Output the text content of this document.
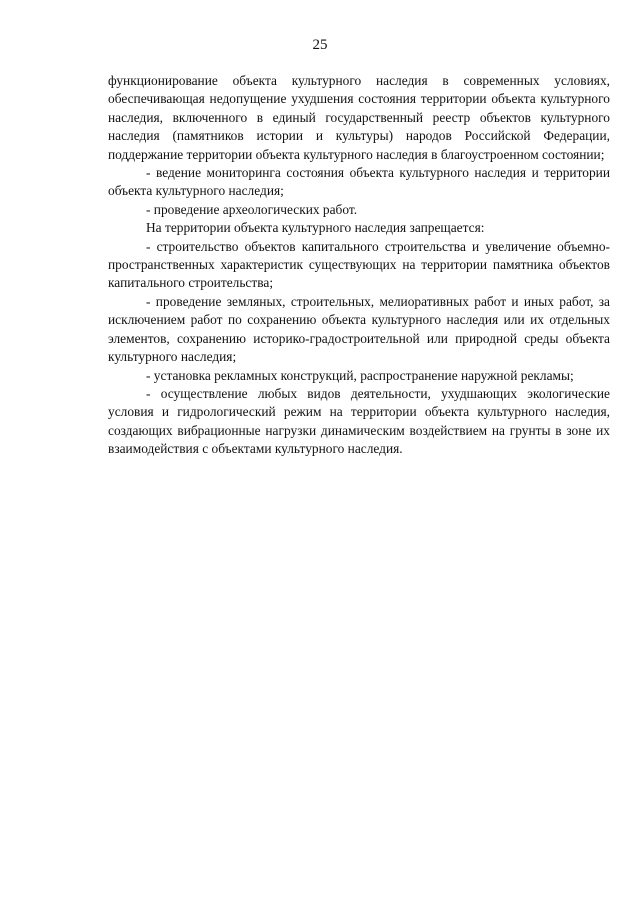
25

функционирование объекта культурного наследия в современных условиях, обеспечивающая недопущение ухудшения состояния территории объекта культурного наследия, включенного в единый государственный реестр объектов культурного наследия (памятников истории и культуры) народов Российской Федерации, поддержание территории объекта культурного наследия в благоустроенном состоянии;

- ведение мониторинга состояния объекта культурного наследия и территории объекта культурного наследия;

- проведение археологических работ.

На территории объекта культурного наследия запрещается:

- строительство объектов капитального строительства и увеличение объемно-пространственных характеристик существующих на территории памятника объектов капитального строительства;

- проведение земляных, строительных, мелиоративных работ и иных работ, за исключением работ по сохранению объекта культурного наследия или их отдельных элементов, сохранению историко-градостроительной или природной среды объекта культурного наследия;

- установка рекламных конструкций, распространение наружной рекламы;

- осуществление любых видов деятельности, ухудшающих экологические условия и гидрологический режим на территории объекта культурного наследия, создающих вибрационные нагрузки динамическим воздействием на грунты в зоне их взаимодействия с объектами культурного наследия.
